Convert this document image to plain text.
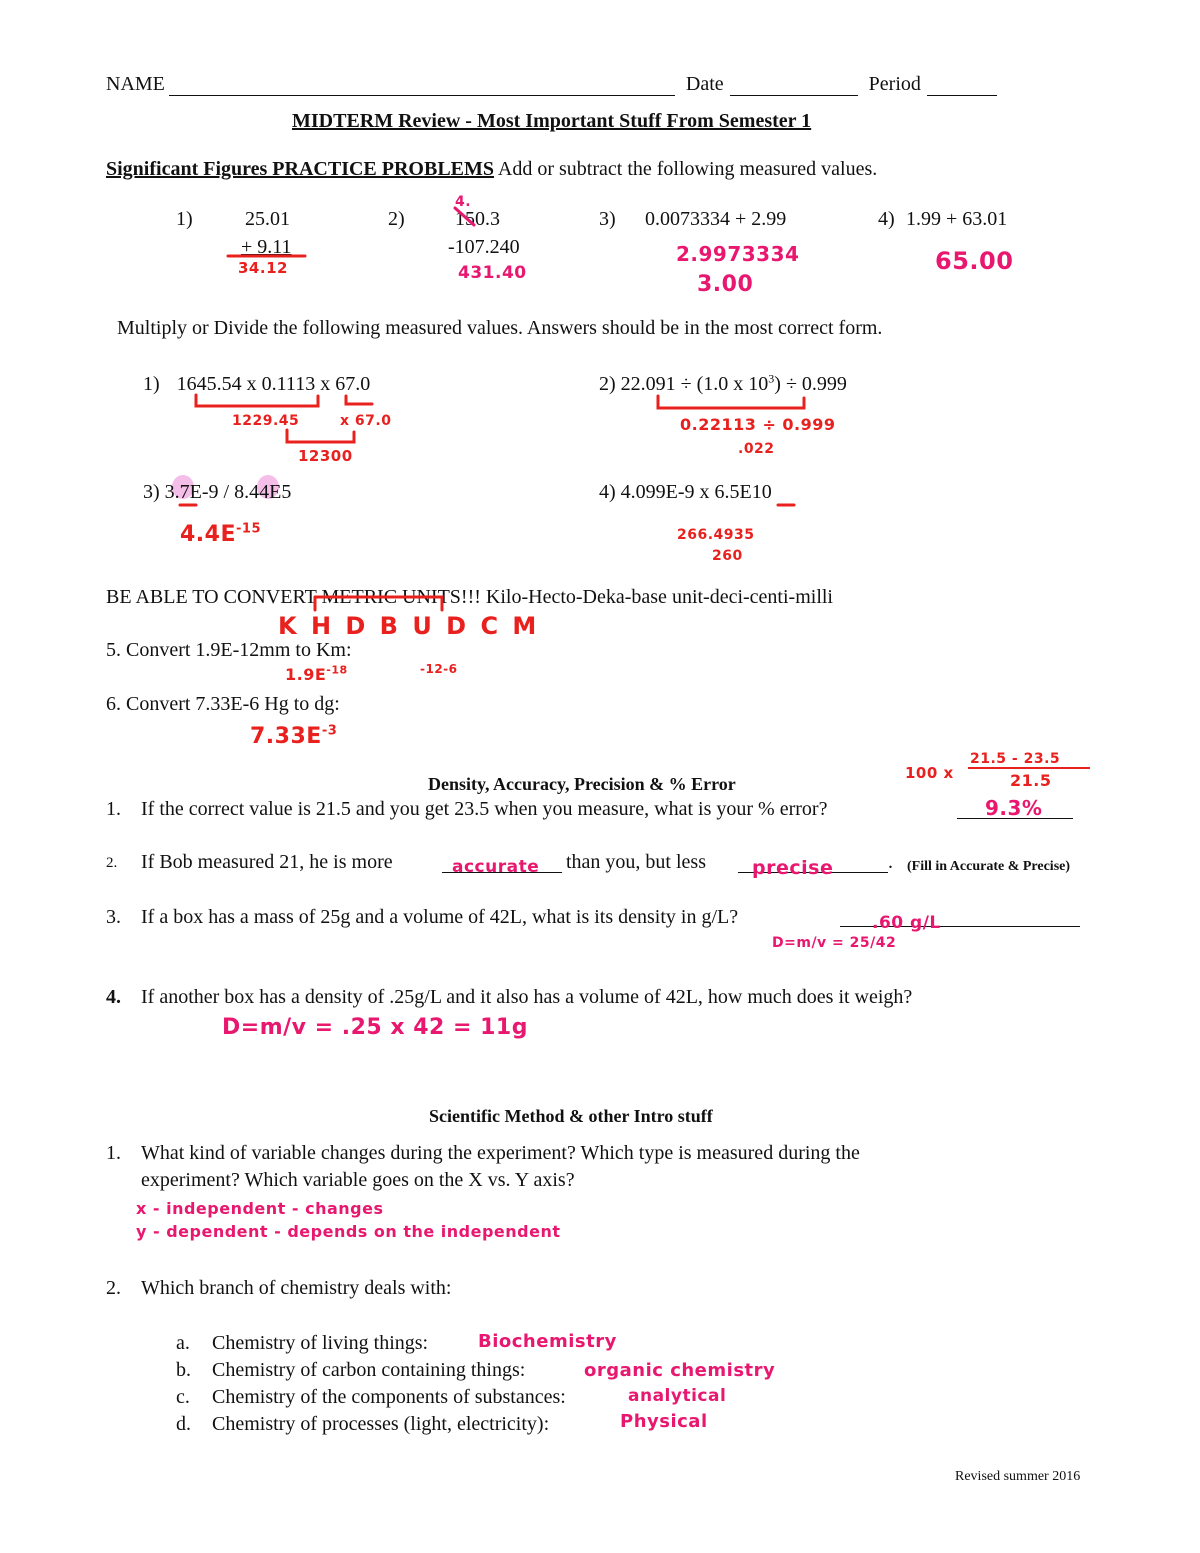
NAME	Date	Period
MIDTERM Review - Most Important Stuff From Semester 1
Significant Figures PRACTICE PROBLEMS Add or subtract the following measured values.
1)	25.01
+ 9.11
34.12
2)	150.3
-107.240
4.
431.40
3) 0.0073334 + 2.99
2.9973334
3.00
4) 1.99 + 63.01
65.00
Multiply or Divide the following measured values. Answers should be in the most correct form.
1) 1645.54 x 0.1113 x 67.0
1229.45	x 67.0
12300
2) 22.091 ÷ (1.0 x $10^3) \div 0.999$
0.22113 ÷ 0.999
.022
3) 3.7E-9 / 8.44E5
$4.4E^{-15}$
4) 4.099E-9 x 6.5E10
266.4935
260
BE ABLE TO CONVERT METRIC UNITS!!! Kilo-Hecto-Deka-base unit-deci-centi-milli
K H D B U D C M
5. Convert 1.9E-12mm to Km:
$1.9E^{-18}$	-12-6
6. Convert 7.33E-6 Hg to dg:
$7.33E^{-3}$
Density, Accuracy, Precision & % Error
100 x
21.5 - 23.5
21.5
1. If the correct value is 21.5 and you get 23.5 when you measure, what is your % error?	9.3%
2. If Bob measured 21, he is more	accurate than you, but less precise	. (Fill in Accurate & Precise)
3. If a box has a mass of 25g and a volume of 42L, what is its density in g/L?	.60 g/L
D=m/v = 25/42
4. If another box has a density of .25g/L and it also has a volume of 42L, how much does it weigh?
D=m/v = .25 x 42 = 11g
Scientific Method & other Intro stuff
1. What kind of variable changes during the experiment? Which type is measured during the
experiment? Which variable goes on the X vs. Y axis?
x - independent - changes
y - dependent - depends on the independent
2. Which branch of chemistry deals with:
a. Chemistry of living things:	Biochemistry
b. Chemistry of carbon containing things:	organic chemistry
c. Chemistry of the components of substances:	analytical
d. Chemistry of processes (light, electricity):	Physical
Revised summer 2016
